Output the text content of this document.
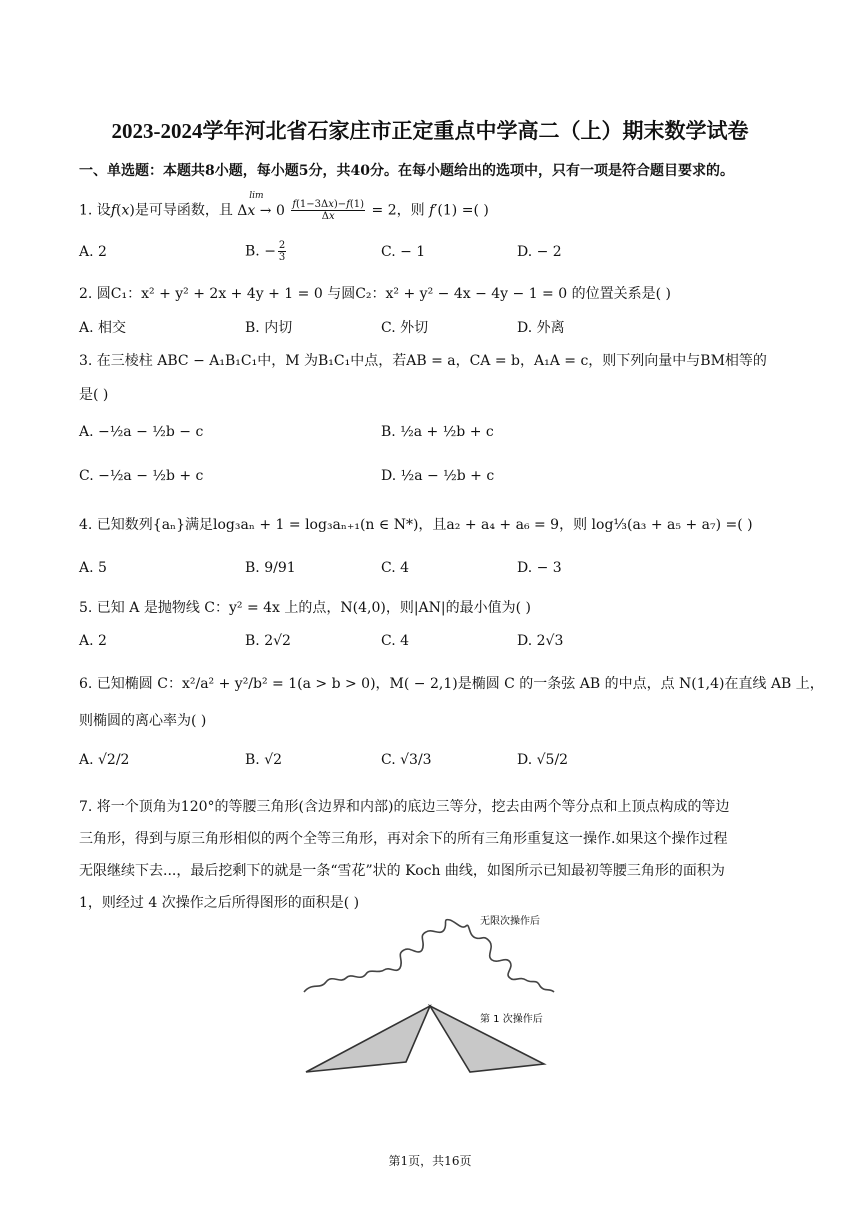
2023-2024学年河北省石家庄市正定重点中学高二（上）期末数学试卷
一、单选题：本题共8小题，每小题5分，共40分。在每小题给出的选项中，只有一项是符合题目要求的。
1. 设f(x)是可导函数，且
lim
$\Delta x \to 0 \frac{f(1-3\Delta x)-f(1)}{\Delta x} = 2$，则 f′(1) =( )
A. 2	B. − $\frac{2}{3}$	C. − 1	D. − 2
2. 圆C₁：x² + y² + 2x + 4y + 1 = 0 与圆C₂：x² + y² − 4x − 4y − 1 = 0 的位置关系是( )
A. 相交	B. 内切	C. 外切	D. 外离
3. 在三棱柱 ABC − A₁B₁C₁中，M 为B₁C₁中点，若AB = a，CA = b，A₁A = c，则下列向量中与BM相等的
是( )
A. −½a − ½b − c	B. ½a + ½b + c
C. −½a − ½b + c	D. ½a − ½b + c
4. 已知数列{aₙ}满足log₃aₙ + 1 = log₃aₙ₊₁(n ∈ N*)，且a₂ + a₄ + a₆ = 9，则 log⅓(a₃ + a₅ + a₇) =( )
A. 5	B. 9/91	C. 4	D. − 3
5. 已知 A 是抛物线 C：y² = 4x 上的点，N(4,0)，则|AN|的最小值为( )
A. 2	B. 2√2	C. 4	D. 2√3
6. 已知椭圆 C：x²/a² + y²/b² = 1(a > b > 0)，M( − 2,1)是椭圆 C 的一条弦 AB 的中点，点 N(1,4)在直线 AB 上，
则椭圆的离心率为( )
A. √2/2	B. √2	C. √3/3	D. √5/2
7. 将一个顶角为120°的等腰三角形(含边界和内部)的底边三等分，挖去由两个等分点和上顶点构成的等边
三角形，得到与原三角形相似的两个全等三角形，再对余下的所有三角形重复这一操作.如果这个操作过程
无限继续下去...，最后挖剩下的就是一条“雪花”状的 Koch 曲线，如图所示已知最初等腰三角形的面积为
1，则经过 4 次操作之后所得图形的面积是( )
无限次操作后
第 1 次操作后
第1页，共16页
